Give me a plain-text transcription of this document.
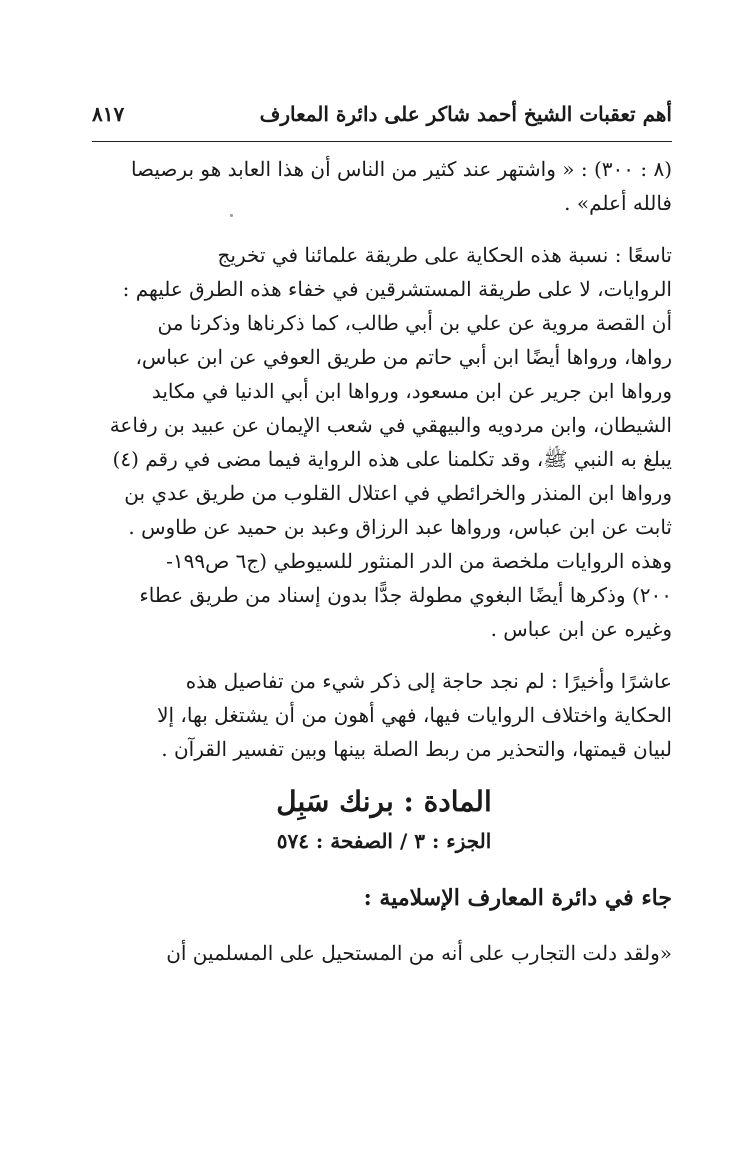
أهم تعقبات الشيخ أحمد شاكر على دائرة المعارف
٨١٧

(٨ : ٣٠٠) : « واشتهر عند كثير من الناس أن هذا العابد هو برصيصا

فالله أعلم» .

تاسعًا : نسبة هذه الحكاية على طريقة علمائنا في تخريج

الروايات، لا على طريقة المستشرقين في خفاء هذه الطرق عليهم :

أن القصة مروية عن علي بن أبي طالب، كما ذكرناها وذكرنا من

رواها، ورواها أيضًا ابن أبي حاتم من طريق العوفي عن ابن عباس،

ورواها ابن جرير عن ابن مسعود، ورواها ابن أبي الدنيا في مكايد

الشيطان، وابن مردويه والبيهقي في شعب الإيمان عن عبيد بن رفاعة

يبلغ به النبي ﷺ، وقد تكلمنا على هذه الرواية فيما مضى في رقم (٤)

ورواها ابن المنذر والخرائطي في اعتلال القلوب من طريق عدي بن

ثابت عن ابن عباس، ورواها عبد الرزاق وعبد بن حميد عن طاوس .

وهذه الروايات ملخصة من الدر المنثور للسيوطي (ج٦ ص١٩٩-

٢٠٠) وذكرها أيضًا البغوي مطولة جدًّا بدون إسناد من طريق عطاء

وغيره عن ابن عباس .

عاشرًا وأخيرًا : لم نجد حاجة إلى ذكر شيء من تفاصيل هذه

الحكاية واختلاف الروايات فيها، فهي أهون من أن يشتغل بها، إلا

لبيان قيمتها، والتحذير من ربط الصلة بينها وبين تفسير القرآن .

المادة : برنك سَبِل
الجزء : ٣ / الصفحة : ٥٧٤
جاء في دائرة المعارف الإسلامية :

«ولقد دلت التجارب على أنه من المستحيل على المسلمين أن
